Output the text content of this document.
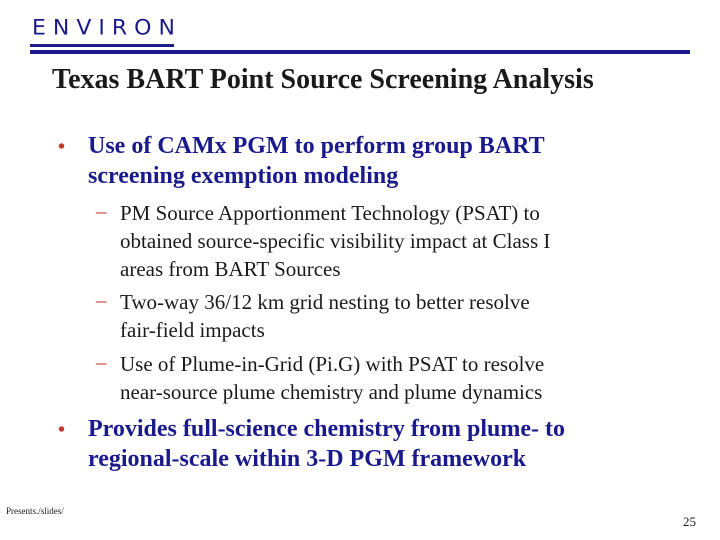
ENVIRON
Texas BART Point Source Screening Analysis
• Use of CAMx PGM to perform group BART
screening exemption modeling
– PM Source Apportionment Technology (PSAT) to
obtained source-specific visibility impact at Class I
areas from BART Sources
– Two-way 36/12 km grid nesting to better resolve
fair-field impacts
– Use of Plume-in-Grid (Pi.G) with PSAT to resolve
near-source plume chemistry and plume dynamics
• Provides full-science chemistry from plume- to
regional-scale within 3-D PGM framework
Presents./slides/
25
